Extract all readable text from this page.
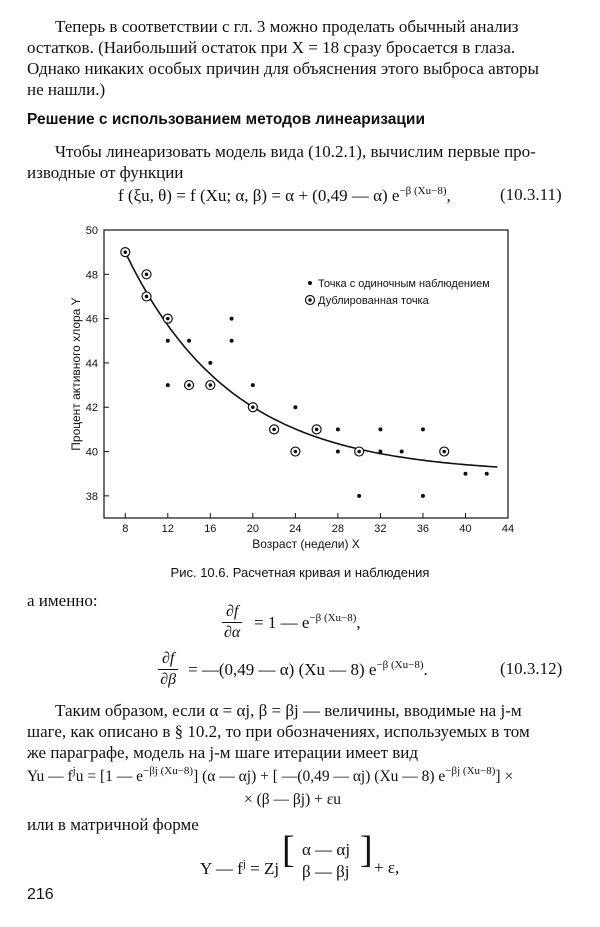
Теперь в соответствии с гл. 3 можно проделать обычный анализ
остатков. (Наибольший остаток при X = 18 сразу бросается в глаза.
Однако никаких особых причин для объяснения этого выброса авторы
не нашли.)
Решение с использованием методов линеаризации
Чтобы линеаризовать модель вида (10.2.1), вычислим первые про-
изводные от функции
f (ξu, θ) = f (Xu; α, β) = α + (0,49 — α) $e^{-\beta (Xu-8)}$,	(10.3.11)
8	12	16	20	24	28	32	36	40	44
38
40
42
44
46
48
50
Точка с одиночным наблюдением
Дублированная точка
Возраст (недели) X
Процент активного хлора Y
Рис. 10.6. Расчетная кривая и наблюдения
а именно:
$\frac{\partial f}{\partial\alpha} = 1$ — $e^{-\beta (Xu-8)}$,
$\frac{\partial f}{\partial\beta}$ = —(0,49 — α) (Xu — 8) $e^{-\beta (Xu-8)}$.	(10.3.12)
Таким образом, если α = αj, β = βj — величины, вводимые на j-м
шаге, как описано в § 10.2, то при обозначениях, используемых в том
же параграфе, модель на j-м шаге итерации имеет вид
Yu — $f^ju = [1$ — $e^{-\beta j (Xu-8)}$] (α — αj) + [ —(0,49 — αj) (Xu — 8) $e^{-\beta j (Xu-8)}$] ×
× (β — βj) + εu
или в матричной форме
Y — $f^j = Zj$ [ α — αj
β — βj
] + ε,
216
